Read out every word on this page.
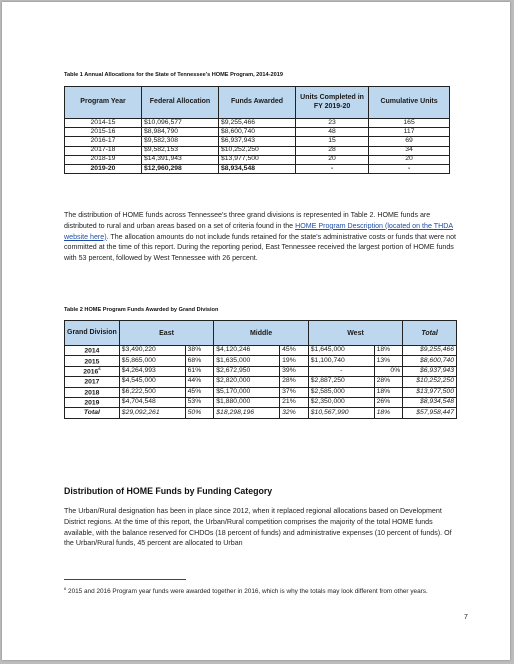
Table 1 Annual Allocations for the State of Tennessee's HOME Program, 2014-2019
Program Year	Federal Allocation	Funds Awarded	Units Completed in FY 2019-20	Cumulative Units
2014-15	$10,096,577	$9,255,466	23	165
2015-16	$8,984,790	$8,600,740	48	117
2016-17	$9,582,308	$6,937,943	15	69
2017-18	$9,582,153	$10,252,250	28	34
2018-19	$14,391,943	$13,977,500	20	20
2019-20	$12,960,298	$8,934,548	-	-
The distribution of HOME funds across Tennessee's three grand divisions is represented in Table 2. HOME funds are distributed to rural and urban areas based on a set of criteria found in the HOME Program Description (located on the THDA website here). The allocation amounts do not include funds retained for the state's administrative costs or funds that were not committed at the time of this report. During the reporting period, East Tennessee received the largest portion of HOME funds with 53 percent, followed by West Tennessee with 26 percent.
Table 2 HOME Program Funds Awarded by Grand Division
Grand Division	East		Middle		West		Total
2014	$3,490,220	38%	$4,120,246	45%	$1,645,000	18%	$9,255,466
2015	$5,865,000	68%	$1,635,000	19%	$1,100,740	13%	$8,600,740
2016$^6$	$4,264,993	61%	$2,672,950	39%	-	0%	$6,937,943
2017	$4,545,000	44%	$2,820,000	28%	$2,887,250	28%	$10,252,250
2018	$6,222,500	45%	$5,170,000	37%	$2,585,000	18%	$13,977,500
2019	$4,704,548	53%	$1,880,000	21%	$2,350,000	26%	$8,934,548
Total	$29,092,261	50%	$18,298,196	32%	$10,567,990	18%	$57,958,447
Distribution of HOME Funds by Funding Category
The Urban/Rural designation has been in place since 2012, when it replaced regional allocations based on Development District regions. At the time of this report, the Urban/Rural competition comprises the majority of the total HOME funds available, with the balance reserved for CHDOs (18 percent of funds) and administrative expenses (10 percent of funds). Of the Urban/Rural funds, 45 percent are allocated to Urban
$^6$ 2015 and 2016 Program year funds were awarded together in 2016, which is why the totals may look different from other years.
7
